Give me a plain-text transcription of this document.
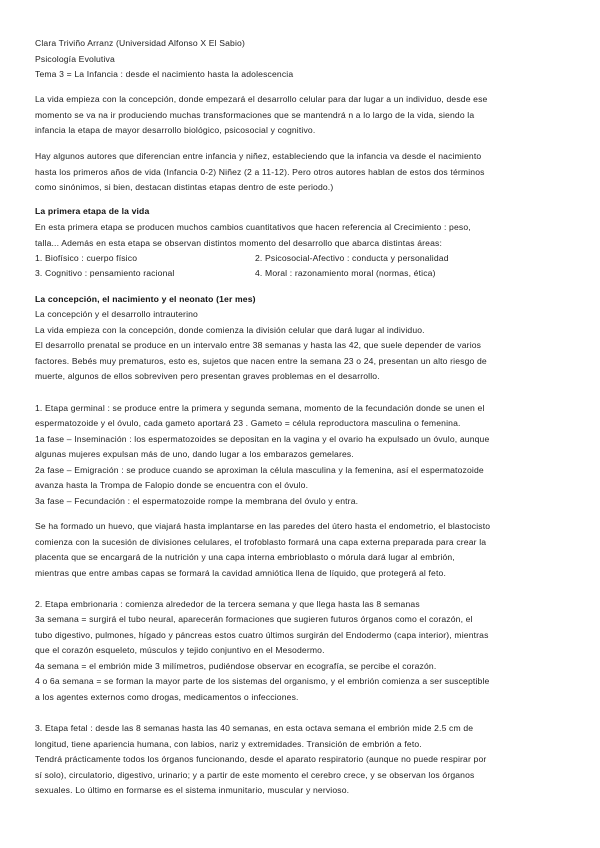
Clara Triviño Arranz (Universidad Alfonso X El Sabio)
Psicología Evolutiva
Tema 3 = La Infancia : desde el nacimiento hasta la adolescencia
La vida empieza con la concepción, donde empezará el desarrollo celular para dar lugar a un individuo, desde ese
momento se va na ir produciendo muchas transformaciones que se mantendrá n a lo largo de la vida, siendo la
infancia la etapa de mayor desarrollo biológico, psicosocial y cognitivo.
Hay algunos autores que diferencian entre infancia y niñez, estableciendo que la infancia va desde el nacimiento
hasta los primeros años de vida (Infancia 0-2) Niñez (2 a 11-12). Pero otros autores hablan de estos dos términos
como sinónimos, si bien, destacan distintas etapas dentro de este periodo.)
La primera etapa de la vida
En esta primera etapa se producen muchos cambios cuantitativos que hacen referencia al Crecimiento : peso,
talla... Además en esta etapa se observan distintos momento del desarrollo que abarca distintas áreas:
1. Biofísico : cuerpo físico	2. Psicosocial-Afectivo : conducta y personalidad
3. Cognitivo : pensamiento racional	4. Moral : razonamiento moral (normas, ética)
La concepción, el nacimiento y el neonato (1er mes)
La concepción y el desarrollo intrauterino
La vida empieza con la concepción, donde comienza la división celular que dará lugar al individuo.
El desarrollo prenatal se produce en un intervalo entre 38 semanas y hasta las 42, que suele depender de varios
factores. Bebés muy prematuros, esto es, sujetos que nacen entre la semana 23 o 24, presentan un alto riesgo de
muerte, algunos de ellos sobreviven pero presentan graves problemas en el desarrollo.
1. Etapa germinal : se produce entre la primera y segunda semana, momento de la fecundación donde se unen el
espermatozoide y el óvulo, cada gameto aportará 23 . Gameto = célula reproductora masculina o femenina.
1a fase – Inseminación : los espermatozoides se depositan en la vagina y el ovario ha expulsado un óvulo, aunque
algunas mujeres expulsan más de uno, dando lugar a los embarazos gemelares.
2a fase – Emigración : se produce cuando se aproximan la célula masculina y la femenina, así el espermatozoide
avanza hasta la Trompa de Falopio donde se encuentra con el óvulo.
3a fase – Fecundación : el espermatozoide rompe la membrana del óvulo y entra.
Se ha formado un huevo, que viajará hasta implantarse en las paredes del útero hasta el endometrio, el blastocisto
comienza con la sucesión de divisiones celulares, el trofoblasto formará una capa externa preparada para crear la
placenta que se encargará de la nutrición y una capa interna embrioblasto o mórula dará lugar al embrión,
mientras que entre ambas capas se formará la cavidad amniótica llena de líquido, que protegerá al feto.
2. Etapa embrionaria : comienza alrededor de la tercera semana y que llega hasta las 8 semanas
3a semana = surgirá el tubo neural, aparecerán formaciones que sugieren futuros órganos como el corazón, el
tubo digestivo, pulmones, hígado y páncreas estos cuatro últimos surgirán del Endodermo (capa interior), mientras
que el corazón esqueleto, músculos y tejido conjuntivo en el Mesodermo.
4a semana = el embrión mide 3 milímetros, pudiéndose observar en ecografía, se percibe el corazón.
4 o 6a semana = se forman la mayor parte de los sistemas del organismo, y el embrión comienza a ser susceptible
a los agentes externos como drogas, medicamentos o infecciones.
3. Etapa fetal : desde las 8 semanas hasta las 40 semanas, en esta octava semana el embrión mide 2.5 cm de
longitud, tiene apariencia humana, con labios, nariz y extremidades. Transición de embrión a feto.
Tendrá prácticamente todos los órganos funcionando, desde el aparato respiratorio (aunque no puede respirar por
sí solo), circulatorio, digestivo, urinario; y a partir de este momento el cerebro crece, y se observan los órganos
sexuales. Lo último en formarse es el sistema inmunitario, muscular y nervioso.
